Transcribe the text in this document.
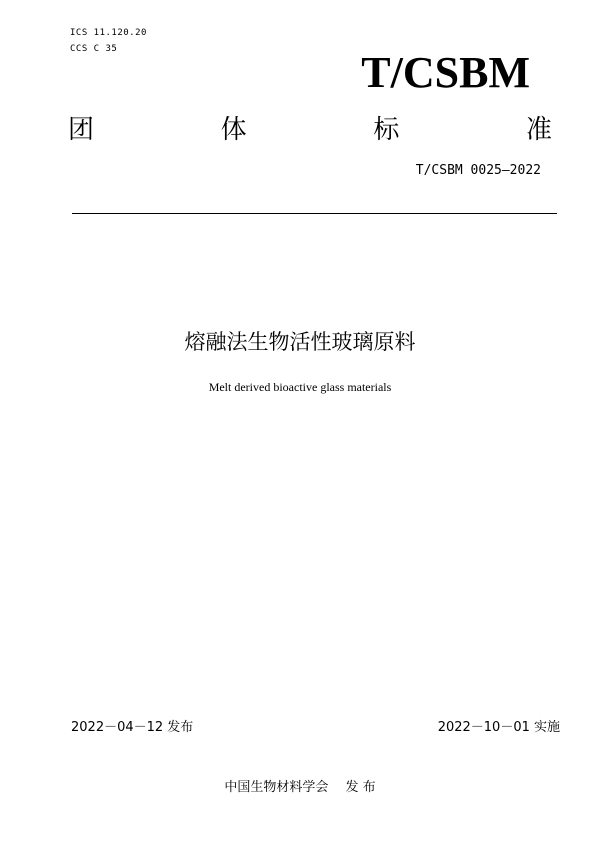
ICS 11.120.20
CCS C 35	T/CSBM
团	体	标	准
T/CSBM 0025—2022
熔融法生物活性玻璃原料
Melt derived bioactive glass materials
2022－04－12 发布	2022－10－01 实施
中国生物材料学会　 发 布
